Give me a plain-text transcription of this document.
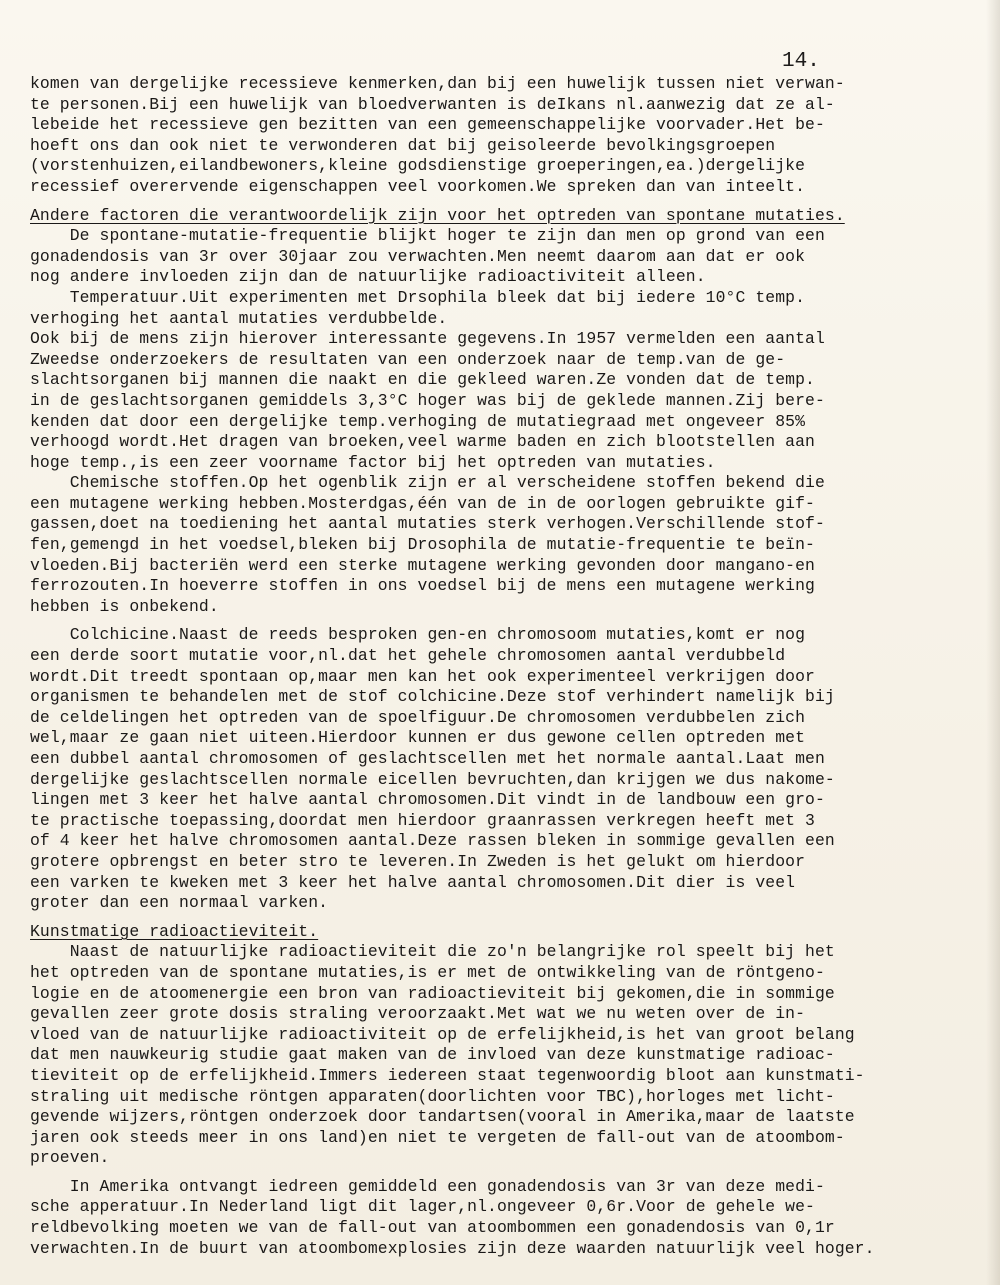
14.
komen van dergelijke recessieve kenmerken,dan bij een huwelijk tussen niet verwan-
te personen.Bij een huwelijk van bloedverwanten is deIkans nl.aanwezig dat ze al-
lebeide het recessieve gen bezitten van een gemeenschappelijke voorvader.Het be-
hoeft ons dan ook niet te verwonderen dat bij geisoleerde bevolkingsgroepen
(vorstenhuizen,eilandbewoners,kleine godsdienstige groeperingen,ea.)dergelijke
recessief overervende eigenschappen veel voorkomen.We spreken dan van inteelt.
Andere factoren die verantwoordelijk zijn voor het optreden van spontane mutaties.
De spontane-mutatie-frequentie blijkt hoger te zijn dan men op grond van een
gonadendosis van 3r over 30jaar zou verwachten.Men neemt daarom aan dat er ook
nog andere invloeden zijn dan de natuurlijke radioactiviteit alleen.
Temperatuur.Uit experimenten met Drsophila bleek dat bij iedere 10°C temp.
verhoging het aantal mutaties verdubbelde.
Ook bij de mens zijn hierover interessante gegevens.In 1957 vermelden een aantal
Zweedse onderzoekers de resultaten van een onderzoek naar de temp.van de ge-
slachtsorganen bij mannen die naakt en die gekleed waren.Ze vonden dat de temp.
in de geslachtsorganen gemiddels 3,3°C hoger was bij de geklede mannen.Zij bere-
kenden dat door een dergelijke temp.verhoging de mutatiegraad met ongeveer 85%
verhoogd wordt.Het dragen van broeken,veel warme baden en zich blootstellen aan
hoge temp.,is een zeer voorname factor bij het optreden van mutaties.
Chemische stoffen.Op het ogenblik zijn er al verscheidene stoffen bekend die
een mutagene werking hebben.Mosterdgas,één van de in de oorlogen gebruikte gif-
gassen,doet na toediening het aantal mutaties sterk verhogen.Verschillende stof-
fen,gemengd in het voedsel,bleken bij Drosophila de mutatie-frequentie te beïn-
vloeden.Bij bacteriën werd een sterke mutagene werking gevonden door mangano-en
ferrozouten.In hoeverre stoffen in ons voedsel bij de mens een mutagene werking
hebben is onbekend.
Colchicine.Naast de reeds besproken gen-en chromosoom mutaties,komt er nog
een derde soort mutatie voor,nl.dat het gehele chromosomen aantal verdubbeld
wordt.Dit treedt spontaan op,maar men kan het ook experimenteel verkrijgen door
organismen te behandelen met de stof colchicine.Deze stof verhindert namelijk bij
de celdelingen het optreden van de spoelfiguur.De chromosomen verdubbelen zich
wel,maar ze gaan niet uiteen.Hierdoor kunnen er dus gewone cellen optreden met
een dubbel aantal chromosomen of geslachtscellen met het normale aantal.Laat men
dergelijke geslachtscellen normale eicellen bevruchten,dan krijgen we dus nakome-
lingen met 3 keer het halve aantal chromosomen.Dit vindt in de landbouw een gro-
te practische toepassing,doordat men hierdoor graanrassen verkregen heeft met 3
of 4 keer het halve chromosomen aantal.Deze rassen bleken in sommige gevallen een
grotere opbrengst en beter stro te leveren.In Zweden is het gelukt om hierdoor
een varken te kweken met 3 keer het halve aantal chromosomen.Dit dier is veel
groter dan een normaal varken.
Kunstmatige radioactieviteit.
Naast de natuurlijke radioactieviteit die zo'n belangrijke rol speelt bij het
het optreden van de spontane mutaties,is er met de ontwikkeling van de röntgeno-
logie en de atoomenergie een bron van radioactieviteit bij gekomen,die in sommige
gevallen zeer grote dosis straling veroorzaakt.Met wat we nu weten over de in-
vloed van de natuurlijke radioactiviteit op de erfelijkheid,is het van groot belang
dat men nauwkeurig studie gaat maken van de invloed van deze kunstmatige radioac-
tieviteit op de erfelijkheid.Immers iedereen staat tegenwoordig bloot aan kunstmati-
straling uit medische röntgen apparaten(doorlichten voor TBC),horloges met licht-
gevende wijzers,röntgen onderzoek door tandartsen(vooral in Amerika,maar de laatste
jaren ook steeds meer in ons land)en niet te vergeten de fall-out van de atoombom-
proeven.
In Amerika ontvangt iedreen gemiddeld een gonadendosis van 3r van deze medi-
sche apperatuur.In Nederland ligt dit lager,nl.ongeveer 0,6r.Voor de gehele we-
reldbevolking moeten we van de fall-out van atoombommen een gonadendosis van 0,1r
verwachten.In de buurt van atoombomexplosies zijn deze waarden natuurlijk veel hoger.
